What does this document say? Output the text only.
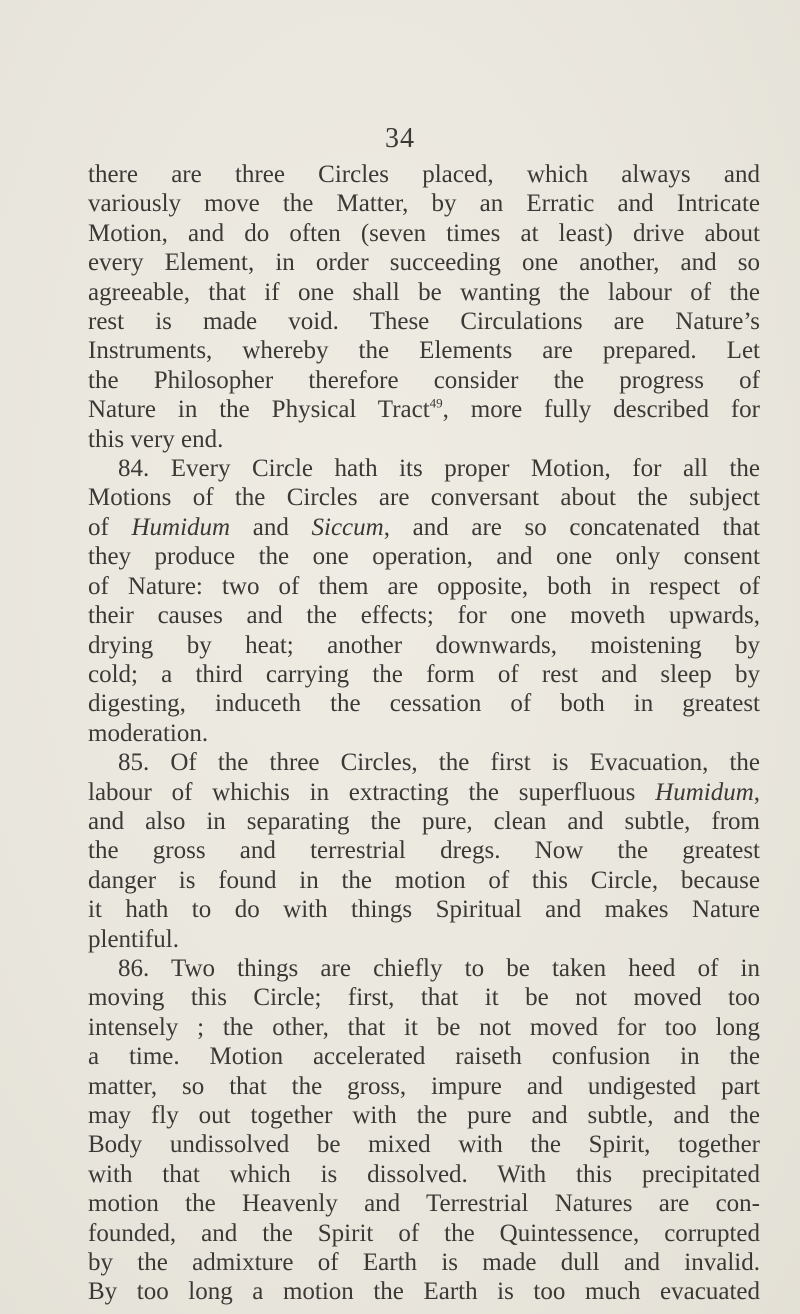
34
there are three Circles placed, which always and
variously move the Matter, by an Erratic and Intricate
Motion, and do often (seven times at least) drive about
every Element, in order succeeding one another, and so
agreeable, that if one shall be wanting the labour of the
rest is made void. These Circulations are Nature’s
Instruments, whereby the Elements are prepared. Let
the Philosopher therefore consider the progress of
Nature in the Physical Tract$^{49}$, more fully described for
this very end.
84. Every Circle hath its proper Motion, for all the
Motions of the Circles are conversant about the subject
of Humidum and Siccum, and are so concatenated that
they produce the one operation, and one only consent
of Nature: two of them are opposite, both in respect of
their causes and the effects; for one moveth upwards,
drying by heat; another downwards, moistening by
cold; a third carrying the form of rest and sleep by
digesting, induceth the cessation of both in greatest
moderation.
85. Of the three Circles, the first is Evacuation, the
labour of whichis in extracting the superfluous Humidum,
and also in separating the pure, clean and subtle, from
the gross and terrestrial dregs. Now the greatest
danger is found in the motion of this Circle, because
it hath to do with things Spiritual and makes Nature
plentiful.
86. Two things are chiefly to be taken heed of in
moving this Circle; first, that it be not moved too
intensely ; the other, that it be not moved for too long
a time. Motion accelerated raiseth confusion in the
matter, so that the gross, impure and undigested part
may fly out together with the pure and subtle, and the
Body undissolved be mixed with the Spirit, together
with that which is dissolved. With this precipitated
motion the Heavenly and Terrestrial Natures are con-
founded, and the Spirit of the Quintessence, corrupted
by the admixture of Earth is made dull and invalid.
By too long a motion the Earth is too much evacuated
